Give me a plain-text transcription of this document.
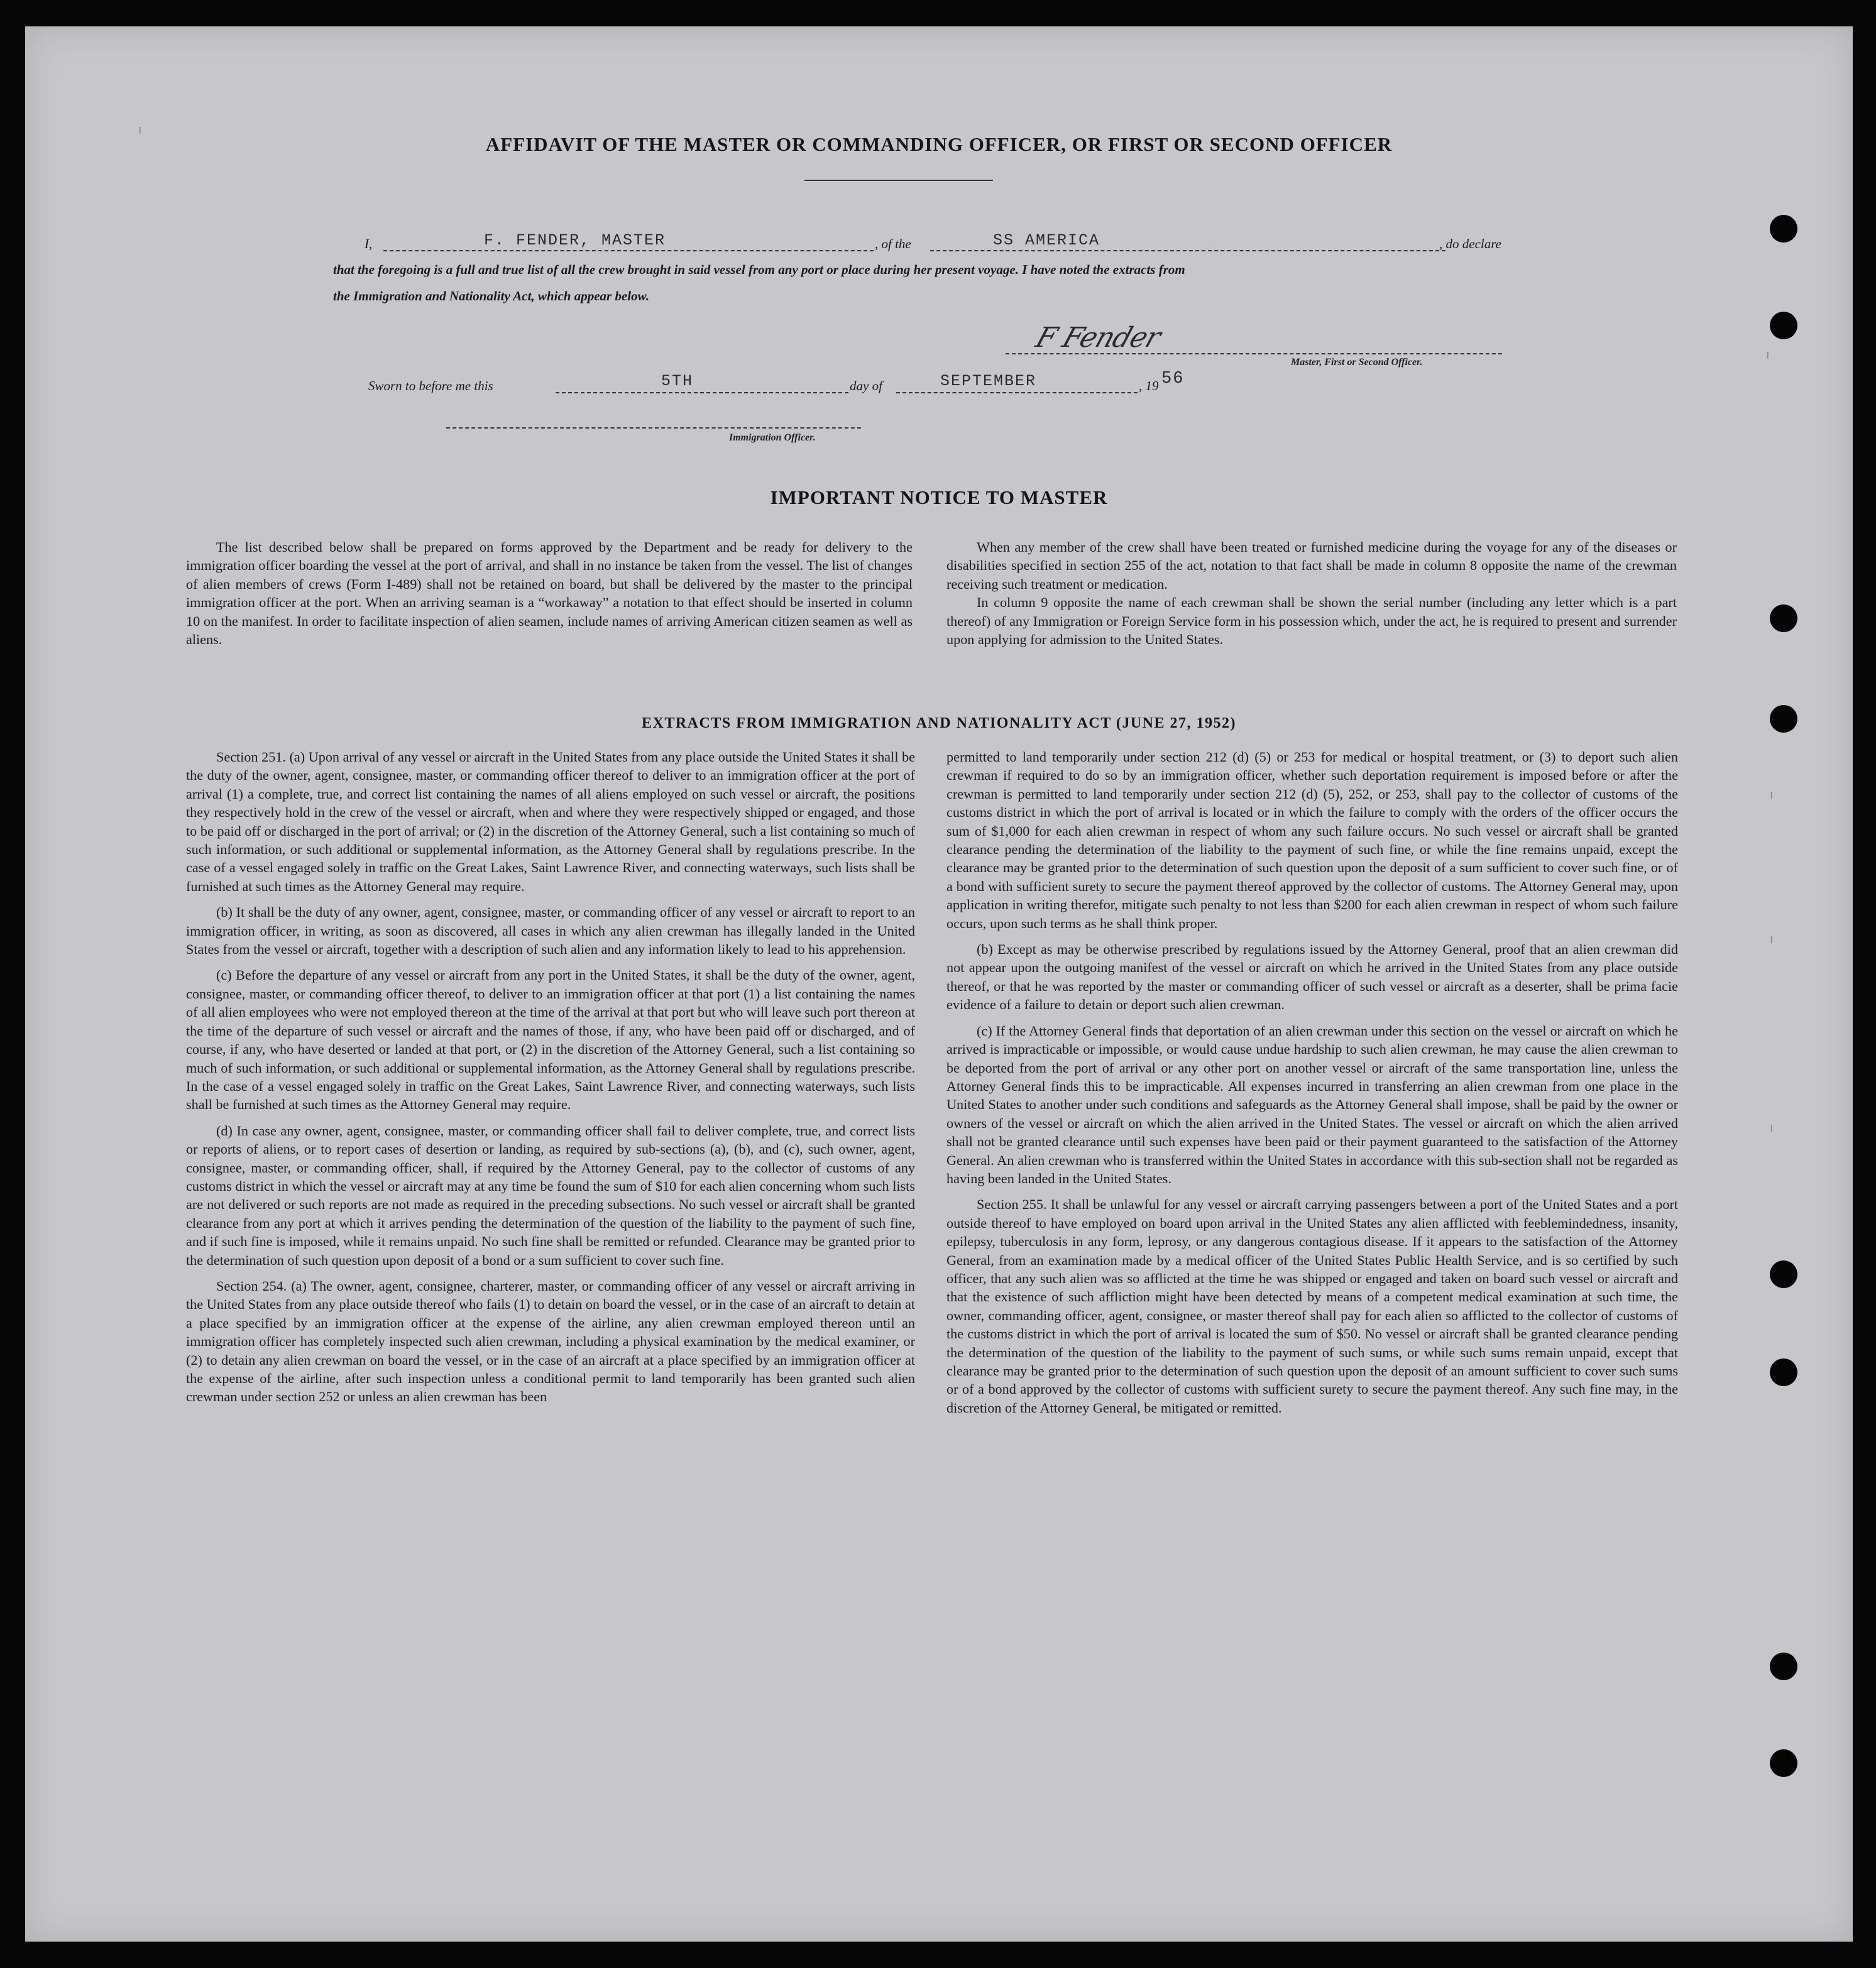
AFFIDAVIT OF THE MASTER OR COMMANDING OFFICER, OR FIRST OR SECOND OFFICER
I,	F. FENDER, MASTER	, of the	SS AMERICA	, do declare
that the foregoing is a full and true list of all the crew brought in said vessel from any port or place during her present voyage. I have noted the extracts from
the Immigration and Nationality Act, which appear below.
F Fender
Master, First or Second Officer.
Sworn to before me this	5TH	day of	SEPTEMBER	, 19 56
Immigration Officer.
IMPORTANT NOTICE TO MASTER

The list described below shall be prepared on forms approved by the Department and be ready for delivery to the immigration officer boarding the vessel at the port of arrival, and shall in no instance be taken from the vessel. The list of changes of alien members of crews (Form I-489) shall not be retained on board, but shall be delivered by the master to the principal immigration officer at the port. When an arriving seaman is a “workaway” a notation to that effect should be inserted in column 10 on the manifest. In order to facilitate inspection of alien seamen, include names of arriving American citizen seamen as well as aliens.

When any member of the crew shall have been treated or furnished medicine during the voyage for any of the diseases or disabilities specified in section 255 of the act, notation to that fact shall be made in column 8 opposite the name of the crewman receiving such treatment or medication.

In column 9 opposite the name of each crewman shall be shown the serial number (including any letter which is a part thereof) of any Immigration or Foreign Service form in his possession which, under the act, he is required to present and surrender upon applying for admission to the United States.

EXTRACTS FROM IMMIGRATION AND NATIONALITY ACT (JUNE 27, 1952)

Section 251. (a) Upon arrival of any vessel or aircraft in the United States from any place outside the United States it shall be the duty of the owner, agent, consignee, master, or commanding officer thereof to deliver to an immigration officer at the port of arrival (1) a complete, true, and correct list containing the names of all aliens employed on such vessel or aircraft, the positions they respectively hold in the crew of the vessel or aircraft, when and where they were respectively shipped or engaged, and those to be paid off or discharged in the port of arrival; or (2) in the discretion of the Attorney General, such a list containing so much of such information, or such additional or supplemental information, as the Attorney General shall by regulations prescribe. In the case of a vessel engaged solely in traffic on the Great Lakes, Saint Lawrence River, and connecting waterways, such lists shall be furnished at such times as the Attorney General may require.

(b) It shall be the duty of any owner, agent, consignee, master, or commanding officer of any vessel or aircraft to report to an immigration officer, in writing, as soon as discovered, all cases in which any alien crewman has illegally landed in the United States from the vessel or aircraft, together with a description of such alien and any information likely to lead to his apprehension.

(c) Before the departure of any vessel or aircraft from any port in the United States, it shall be the duty of the owner, agent, consignee, master, or commanding officer thereof, to deliver to an immigration officer at that port (1) a list containing the names of all alien employees who were not employed thereon at the time of the arrival at that port but who will leave such port thereon at the time of the departure of such vessel or aircraft and the names of those, if any, who have been paid off or discharged, and of course, if any, who have deserted or landed at that port, or (2) in the discretion of the Attorney General, such a list containing so much of such information, or such additional or supplemental information, as the Attorney General shall by regulations prescribe. In the case of a vessel engaged solely in traffic on the Great Lakes, Saint Lawrence River, and connecting waterways, such lists shall be furnished at such times as the Attorney General may require.

(d) In case any owner, agent, consignee, master, or commanding officer shall fail to deliver complete, true, and correct lists or reports of aliens, or to report cases of desertion or landing, as required by sub-sections (a), (b), and (c), such owner, agent, consignee, master, or commanding officer, shall, if required by the Attorney General, pay to the collector of customs of any customs district in which the vessel or aircraft may at any time be found the sum of $10 for each alien concerning whom such lists are not delivered or such reports are not made as required in the preceding subsections. No such vessel or aircraft shall be granted clearance from any port at which it arrives pending the determination of the question of the liability to the payment of such fine, and if such fine is imposed, while it remains unpaid. No such fine shall be remitted or refunded. Clearance may be granted prior to the determination of such question upon deposit of a bond or a sum sufficient to cover such fine.

Section 254. (a) The owner, agent, consignee, charterer, master, or commanding officer of any vessel or aircraft arriving in the United States from any place outside thereof who fails (1) to detain on board the vessel, or in the case of an aircraft to detain at a place specified by an immigration officer at the expense of the airline, any alien crewman employed thereon until an immigration officer has completely inspected such alien crewman, including a physical examination by the medical examiner, or (2) to detain any alien crewman on board the vessel, or in the case of an aircraft at a place specified by an immigration officer at the expense of the airline, after such inspection unless a conditional permit to land temporarily has been granted such alien crewman under section 252 or unless an alien crewman has been

permitted to land temporarily under section 212 (d) (5) or 253 for medical or hospital treatment, or (3) to deport such alien crewman if required to do so by an immigration officer, whether such deportation requirement is imposed before or after the crewman is permitted to land temporarily under section 212 (d) (5), 252, or 253, shall pay to the collector of customs of the customs district in which the port of arrival is located or in which the failure to comply with the orders of the officer occurs the sum of $1,000 for each alien crewman in respect of whom any such failure occurs. No such vessel or aircraft shall be granted clearance pending the determination of the liability to the payment of such fine, or while the fine remains unpaid, except the clearance may be granted prior to the determination of such question upon the deposit of a sum sufficient to cover such fine, or of a bond with sufficient surety to secure the payment thereof approved by the collector of customs. The Attorney General may, upon application in writing therefor, mitigate such penalty to not less than $200 for each alien crewman in respect of whom such failure occurs, upon such terms as he shall think proper.

(b) Except as may be otherwise prescribed by regulations issued by the Attorney General, proof that an alien crewman did not appear upon the outgoing manifest of the vessel or aircraft on which he arrived in the United States from any place outside thereof, or that he was reported by the master or commanding officer of such vessel or aircraft as a deserter, shall be prima facie evidence of a failure to detain or deport such alien crewman.

(c) If the Attorney General finds that deportation of an alien crewman under this section on the vessel or aircraft on which he arrived is impracticable or impossible, or would cause undue hardship to such alien crewman, he may cause the alien crewman to be deported from the port of arrival or any other port on another vessel or aircraft of the same transportation line, unless the Attorney General finds this to be impracticable. All expenses incurred in transferring an alien crewman from one place in the United States to another under such conditions and safeguards as the Attorney General shall impose, shall be paid by the owner or owners of the vessel or aircraft on which the alien arrived in the United States. The vessel or aircraft on which the alien arrived shall not be granted clearance until such expenses have been paid or their payment guaranteed to the satisfaction of the Attorney General. An alien crewman who is transferred within the United States in accordance with this sub-section shall not be regarded as having been landed in the United States.

Section 255. It shall be unlawful for any vessel or aircraft carrying passengers between a port of the United States and a port outside thereof to have employed on board upon arrival in the United States any alien afflicted with feeblemindedness, insanity, epilepsy, tuberculosis in any form, leprosy, or any dangerous contagious disease. If it appears to the satisfaction of the Attorney General, from an examination made by a medical officer of the United States Public Health Service, and is so certified by such officer, that any such alien was so afflicted at the time he was shipped or engaged and taken on board such vessel or aircraft and that the existence of such affliction might have been detected by means of a competent medical examination at such time, the owner, commanding officer, agent, consignee, or master thereof shall pay for each alien so afflicted to the collector of customs of the customs district in which the port of arrival is located the sum of $50. No vessel or aircraft shall be granted clearance pending the determination of the question of the liability to the payment of such sums, or while such sums remain unpaid, except that clearance may be granted prior to the determination of such question upon the deposit of an amount sufficient to cover such sums or of a bond approved by the collector of customs with sufficient surety to secure the payment thereof. Any such fine may, in the discretion of the Attorney General, be mitigated or remitted.

ı
ı
ı
ı
ı
